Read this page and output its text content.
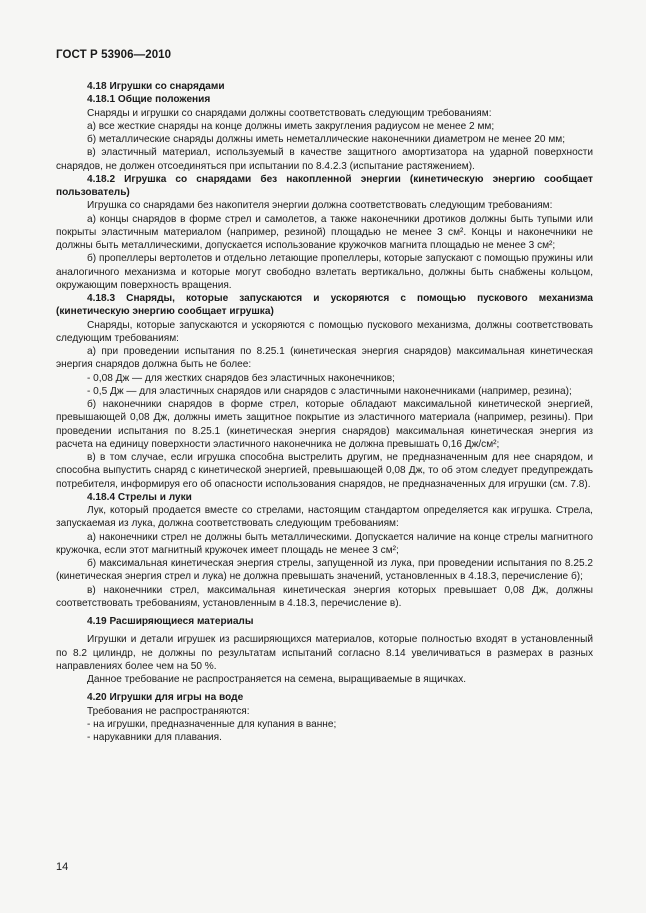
ГОСТ Р 53906—2010

4.18 Игрушки со снарядами

4.18.1 Общие положения

Снаряды и игрушки со снарядами должны соответствовать следующим требованиям:

а) все жесткие снаряды на конце должны иметь закругления радиусом не менее 2 мм;

б) металлические снаряды должны иметь неметаллические наконечники диаметром не менее 20 мм;

в) эластичный материал, используемый в качестве защитного амортизатора на ударной поверхности снарядов, не должен отсоединяться при испытании по 8.4.2.3 (испытание растяжением).

4.18.2 Игрушка со снарядами без накопленной энергии (кинетическую энергию сообщает пользователь)

Игрушка со снарядами без накопителя энергии должна соответствовать следующим требованиям:

а) концы снарядов в форме стрел и самолетов, а также наконечники дротиков должны быть тупыми или покрыты эластичным материалом (например, резиной) площадью не менее 3 см². Концы и наконечники не должны быть металлическими, допускается использование кружочков магнита площадью не менее 3 см²;

б) пропеллеры вертолетов и отдельно летающие пропеллеры, которые запускают с помощью пружины или аналогичного механизма и которые могут свободно взлетать вертикально, должны быть снабжены кольцом, окружающим поверхность вращения.

4.18.3 Снаряды, которые запускаются и ускоряются с помощью пускового механизма (кинетическую энергию сообщает игрушка)

Снаряды, которые запускаются и ускоряются с помощью пускового механизма, должны соответствовать следующим требованиям:

а) при проведении испытания по 8.25.1 (кинетическая энергия снарядов) максимальная кинетическая энергия снарядов должна быть не более:

- 0,08 Дж — для жестких снарядов без эластичных наконечников;

- 0,5 Дж — для эластичных снарядов или снарядов с эластичными наконечниками (например, резина);

б) наконечники снарядов в форме стрел, которые обладают максимальной кинетической энергией, превышающей 0,08 Дж, должны иметь защитное покрытие из эластичного материала (например, резины). При проведении испытания по 8.25.1 (кинетическая энергия снарядов) максимальная кинетическая энергия из расчета на единицу поверхности эластичного наконечника не должна превышать 0,16 Дж/см²;

в) в том случае, если игрушка способна выстрелить другим, не предназначенным для нее снарядом, и способна выпустить снаряд с кинетической энергией, превышающей 0,08 Дж, то об этом следует предупреждать потребителя, информируя его об опасности использования снарядов, не предназначенных для игрушки (см. 7.8).

4.18.4 Стрелы и луки

Лук, который продается вместе со стрелами, настоящим стандартом определяется как игрушка. Стрела, запускаемая из лука, должна соответствовать следующим требованиям:

а) наконечники стрел не должны быть металлическими. Допускается наличие на конце стрелы магнитного кружочка, если этот магнитный кружочек имеет площадь не менее 3 см²;

б) максимальная кинетическая энергия стрелы, запущенной из лука, при проведении испытания по 8.25.2 (кинетическая энергия стрел и лука) не должна превышать значений, установленных в 4.18.3, перечисление б);

в) наконечники стрел, максимальная кинетическая энергия которых превышает 0,08 Дж, должны соответствовать требованиям, установленным в 4.18.3, перечисление в).

4.19 Расширяющиеся материалы

Игрушки и детали игрушек из расширяющихся материалов, которые полностью входят в установленный по 8.2 цилиндр, не должны по результатам испытаний согласно 8.14 увеличиваться в размерах в разных направлениях более чем на 50 %.

Данное требование не распространяется на семена, выращиваемые в ящичках.

4.20 Игрушки для игры на воде

Требования не распространяются:

- на игрушки, предназначенные для купания в ванне;

- нарукавники для плавания.

14
